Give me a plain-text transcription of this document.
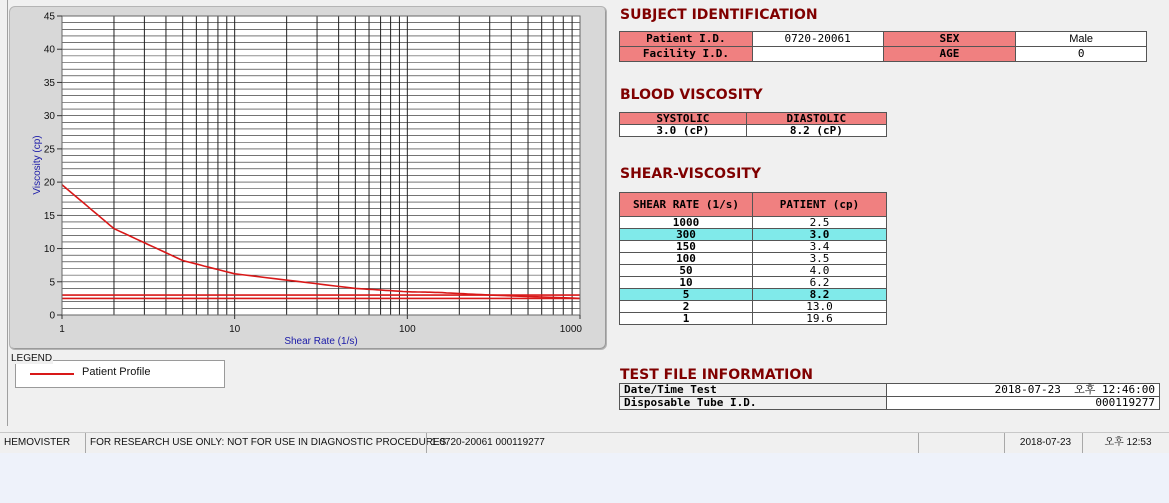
0
5
10
15
20
25
30
35
40
45
1	10	100	1000
Shear Rate (1/s)
Viscosity (cp)
Patient Profile
LEGEND
SUBJECT IDENTIFICATION
Patient I.D.	0720-20061	SEX	Male
Facility I.D.		AGE	0
BLOOD VISCOSITY
SYSTOLIC	DIASTOLIC
3.0 (cP)	8.2 (cP)
SHEAR-VISCOSITY
SHEAR RATE (1/s)	PATIENT (cp)
1000	2.5
300	3.0
150	3.4
100	3.5
50	4.0
10	6.2
5	8.2
2	13.0
1	19.6
TEST FILE INFORMATION
Date/Time Test	2018-07-23  오후 12:46:00
Disposable Tube I.D.	000119277
HEMOVISTER	FOR RESEARCH USE ONLY: NOT FOR USE IN DIAGNOSTIC PROCEDURES
1 0720-20061 000119277	2018-07-23	오후 12:53
